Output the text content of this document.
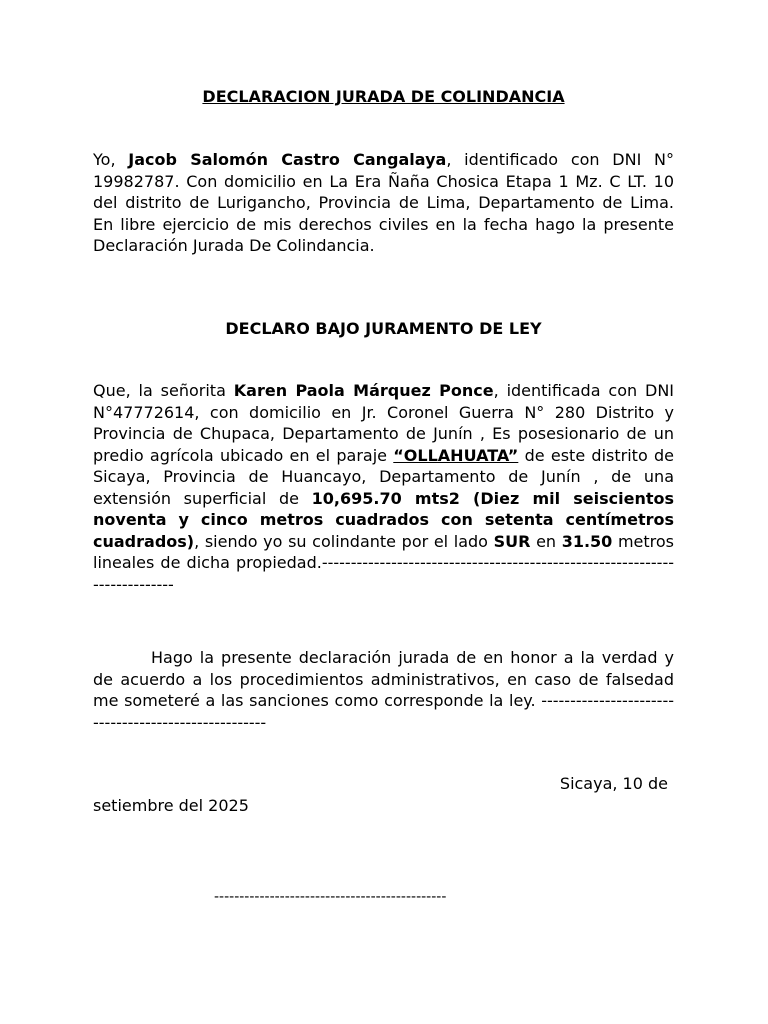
DECLARACION JURADA DE COLINDANCIA

Yo, Jacob Salomón Castro Cangalaya, identificado con DNI N° 19982787. Con domicilio en La Era Ñaña Chosica Etapa 1 Mz. C LT. 10 del distrito de Lurigancho, Provincia de Lima, Departamento de Lima. En libre ejercicio de mis derechos civiles en la fecha hago la presente Declaración Jurada De Colindancia.

DECLARO BAJO JURAMENTO DE LEY

Que, la señorita Karen Paola Márquez Ponce, identificada con DNI N°47772614, con domicilio en Jr. Coronel Guerra N° 280 Distrito y Provincia de Chupaca, Departamento de Junín , Es posesionario de un predio agrícola ubicado en el paraje “OLLAHUATA” de este distrito de Sicaya, Provincia de Huancayo, Departamento de Junín , de una extensión superficial de 10,695.70 mts2 (Diez mil seiscientos noventa y cinco metros cuadrados con setenta centímetros cuadrados), siendo yo su colindante por el lado SUR en 31.50 metros lineales de dicha propiedad.---------------------------------------------------------------------------

Hago la presente declaración jurada de en honor a la verdad y de acuerdo a los procedimientos administrativos, en caso de falsedad me someteré a las sanciones como corresponde la ley. -----------------------------------------------------

Sicaya, 10 de
setiembre del 2025
----------------------------------------------
